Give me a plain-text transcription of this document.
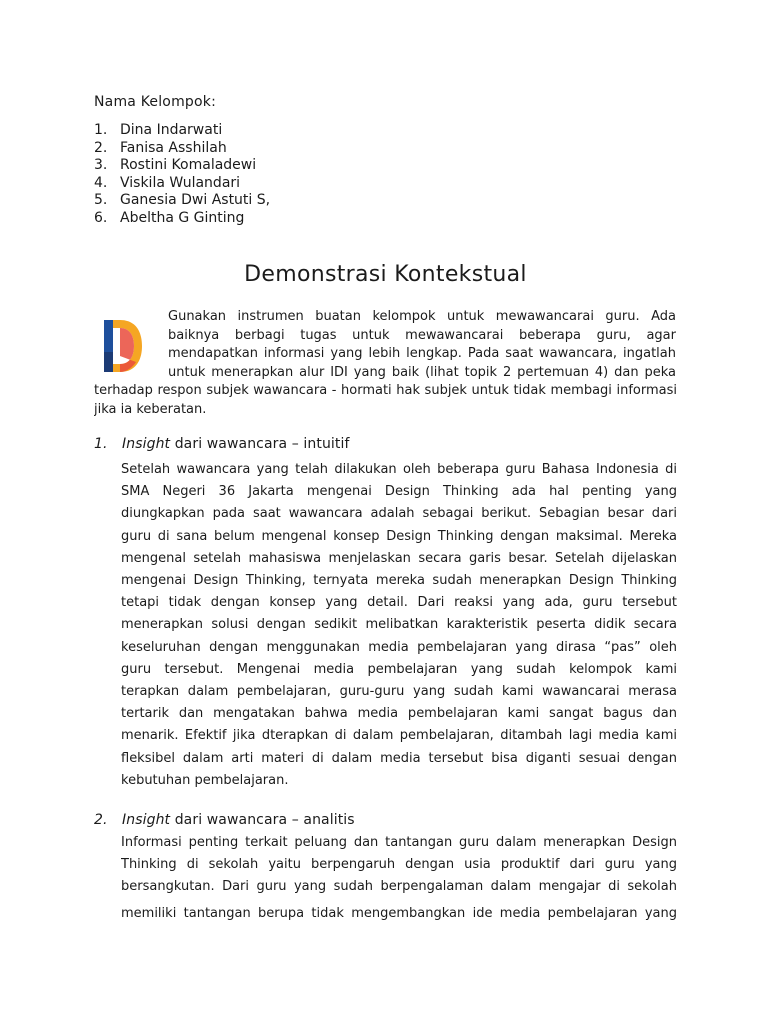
Nama Kelompok:
1. Dina Indarwati
2. Fanisa Asshilah
3. Rostini Komaladewi
4. Viskila Wulandari
5. Ganesia Dwi Astuti S,
6. Abeltha G Ginting
Demonstrasi Kontekstual
Gunakan instrumen buatan kelompok untuk mewawancarai guru. Ada
baiknya berbagi tugas untuk mewawancarai beberapa guru, agar
mendapatkan informasi yang lebih lengkap. Pada saat wawancara, ingatlah
untuk menerapkan alur IDI yang baik (lihat topik 2 pertemuan 4) dan peka
terhadap respon subjek wawancara - hormati hak subjek untuk tidak membagi informasi
jika ia keberatan.
1. Insight dari wawancara – intuitif
Setelah wawancara yang telah dilakukan oleh beberapa guru Bahasa Indonesia di
SMA Negeri 36 Jakarta mengenai Design Thinking ada hal penting yang
diungkapkan pada saat wawancara adalah sebagai berikut. Sebagian besar dari
guru di sana belum mengenal konsep Design Thinking dengan maksimal. Mereka
mengenal setelah mahasiswa menjelaskan secara garis besar. Setelah dijelaskan
mengenai Design Thinking, ternyata mereka sudah menerapkan Design Thinking
tetapi tidak dengan konsep yang detail. Dari reaksi yang ada, guru tersebut
menerapkan solusi dengan sedikit melibatkan karakteristik peserta didik secara
keseluruhan dengan menggunakan media pembelajaran yang dirasa “pas” oleh
guru tersebut. Mengenai media pembelajaran yang sudah kelompok kami
terapkan dalam pembelajaran, guru-guru yang sudah kami wawancarai merasa
tertarik dan mengatakan bahwa media pembelajaran kami sangat bagus dan
menarik. Efektif jika dterapkan di dalam pembelajaran, ditambah lagi media kami
fleksibel dalam arti materi di dalam media tersebut bisa diganti sesuai dengan
kebutuhan pembelajaran.
2. Insight dari wawancara – analitis
Informasi penting terkait peluang dan tantangan guru dalam menerapkan Design
Thinking di sekolah yaitu berpengaruh dengan usia produktif dari guru yang
bersangkutan. Dari guru yang sudah berpengalaman dalam mengajar di sekolah
memiliki tantangan berupa tidak mengembangkan ide media pembelajaran yang
